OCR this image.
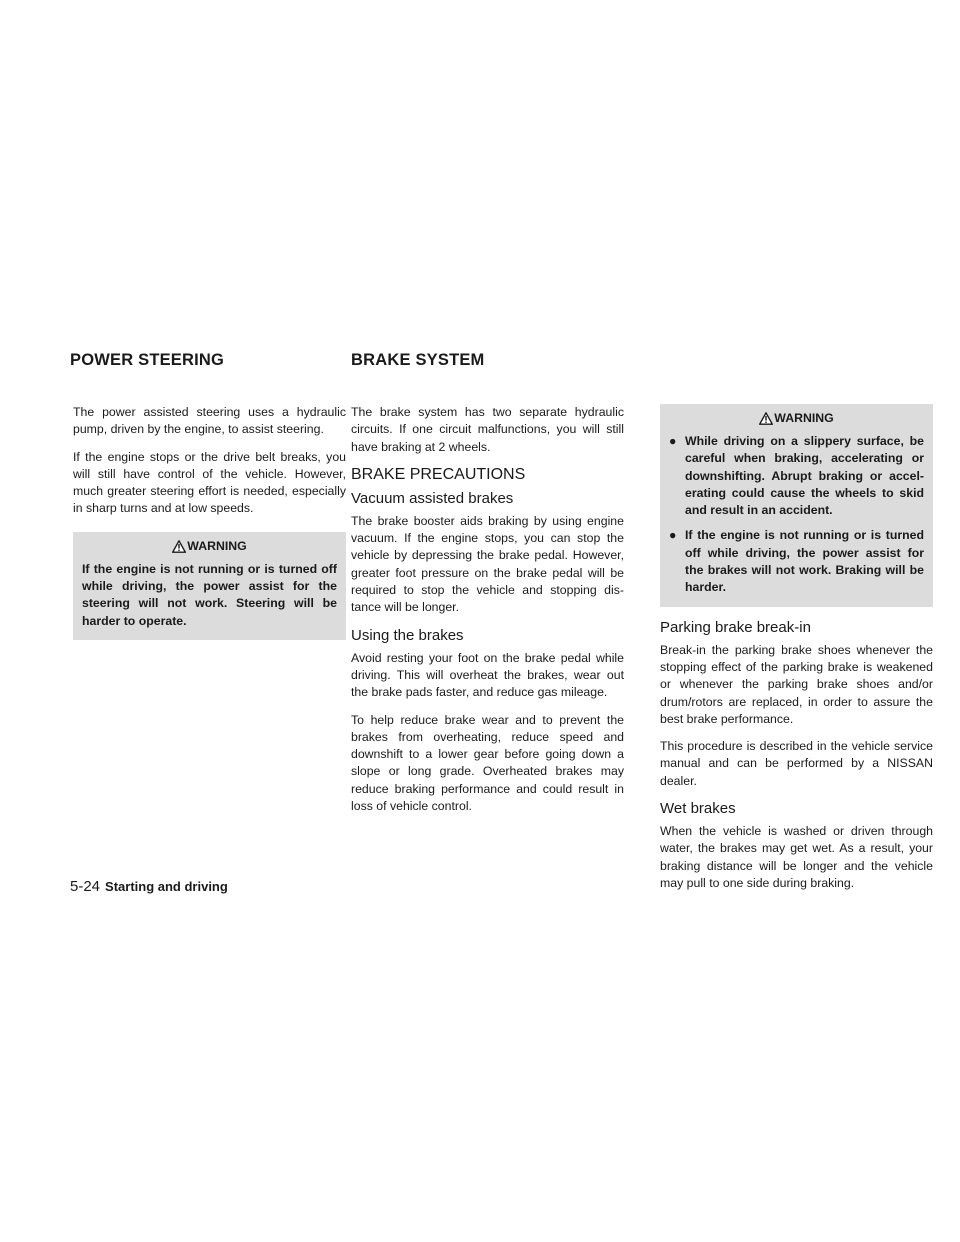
POWER STEERING	BRAKE SYSTEM

The power assisted steering uses a hydraulic pump, driven by the engine, to assist steering.

If the engine stops or the drive belt breaks, you will still have control of the vehicle. However, much greater steering effort is needed, especially in sharp turns and at low speeds.

WARNING
If the engine is not running or is turned off while driving, the power assist for the steering will not work. Steering will be harder to operate.

The brake system has two separate hydraulic circuits. If one circuit malfunctions, you will still have braking at 2 wheels.

BRAKE PRECAUTIONS
Vacuum assisted brakes

The brake booster aids braking by using engine vacuum. If the engine stops, you can stop the vehicle by depressing the brake pedal. However, greater foot pressure on the brake pedal will be required to stop the vehicle and stopping dis- tance will be longer.

Using the brakes

Avoid resting your foot on the brake pedal while driving. This will overheat the brakes, wear out the brake pads faster, and reduce gas mileage.

To help reduce brake wear and to prevent the brakes from overheating, reduce speed and downshift to a lower gear before going down a slope or long grade. Overheated brakes may reduce braking performance and could result in loss of vehicle control.

WARNING
● While driving on a slippery surface, be careful when braking, accelerating or downshifting. Abrupt braking or accel- erating could cause the wheels to skid and result in an accident.
● If the engine is not running or is turned off while driving, the power assist for the brakes will not work. Braking will be harder.
Parking brake break-in

Break-in the parking brake shoes whenever the stopping effect of the parking brake is weakened or whenever the parking brake shoes and/or drum/rotors are replaced, in order to assure the best brake performance.

This procedure is described in the vehicle service manual and can be performed by a NISSAN dealer.

Wet brakes

When the vehicle is washed or driven through water, the brakes may get wet. As a result, your braking distance will be longer and the vehicle may pull to one side during braking.

5-24 Starting and driving
